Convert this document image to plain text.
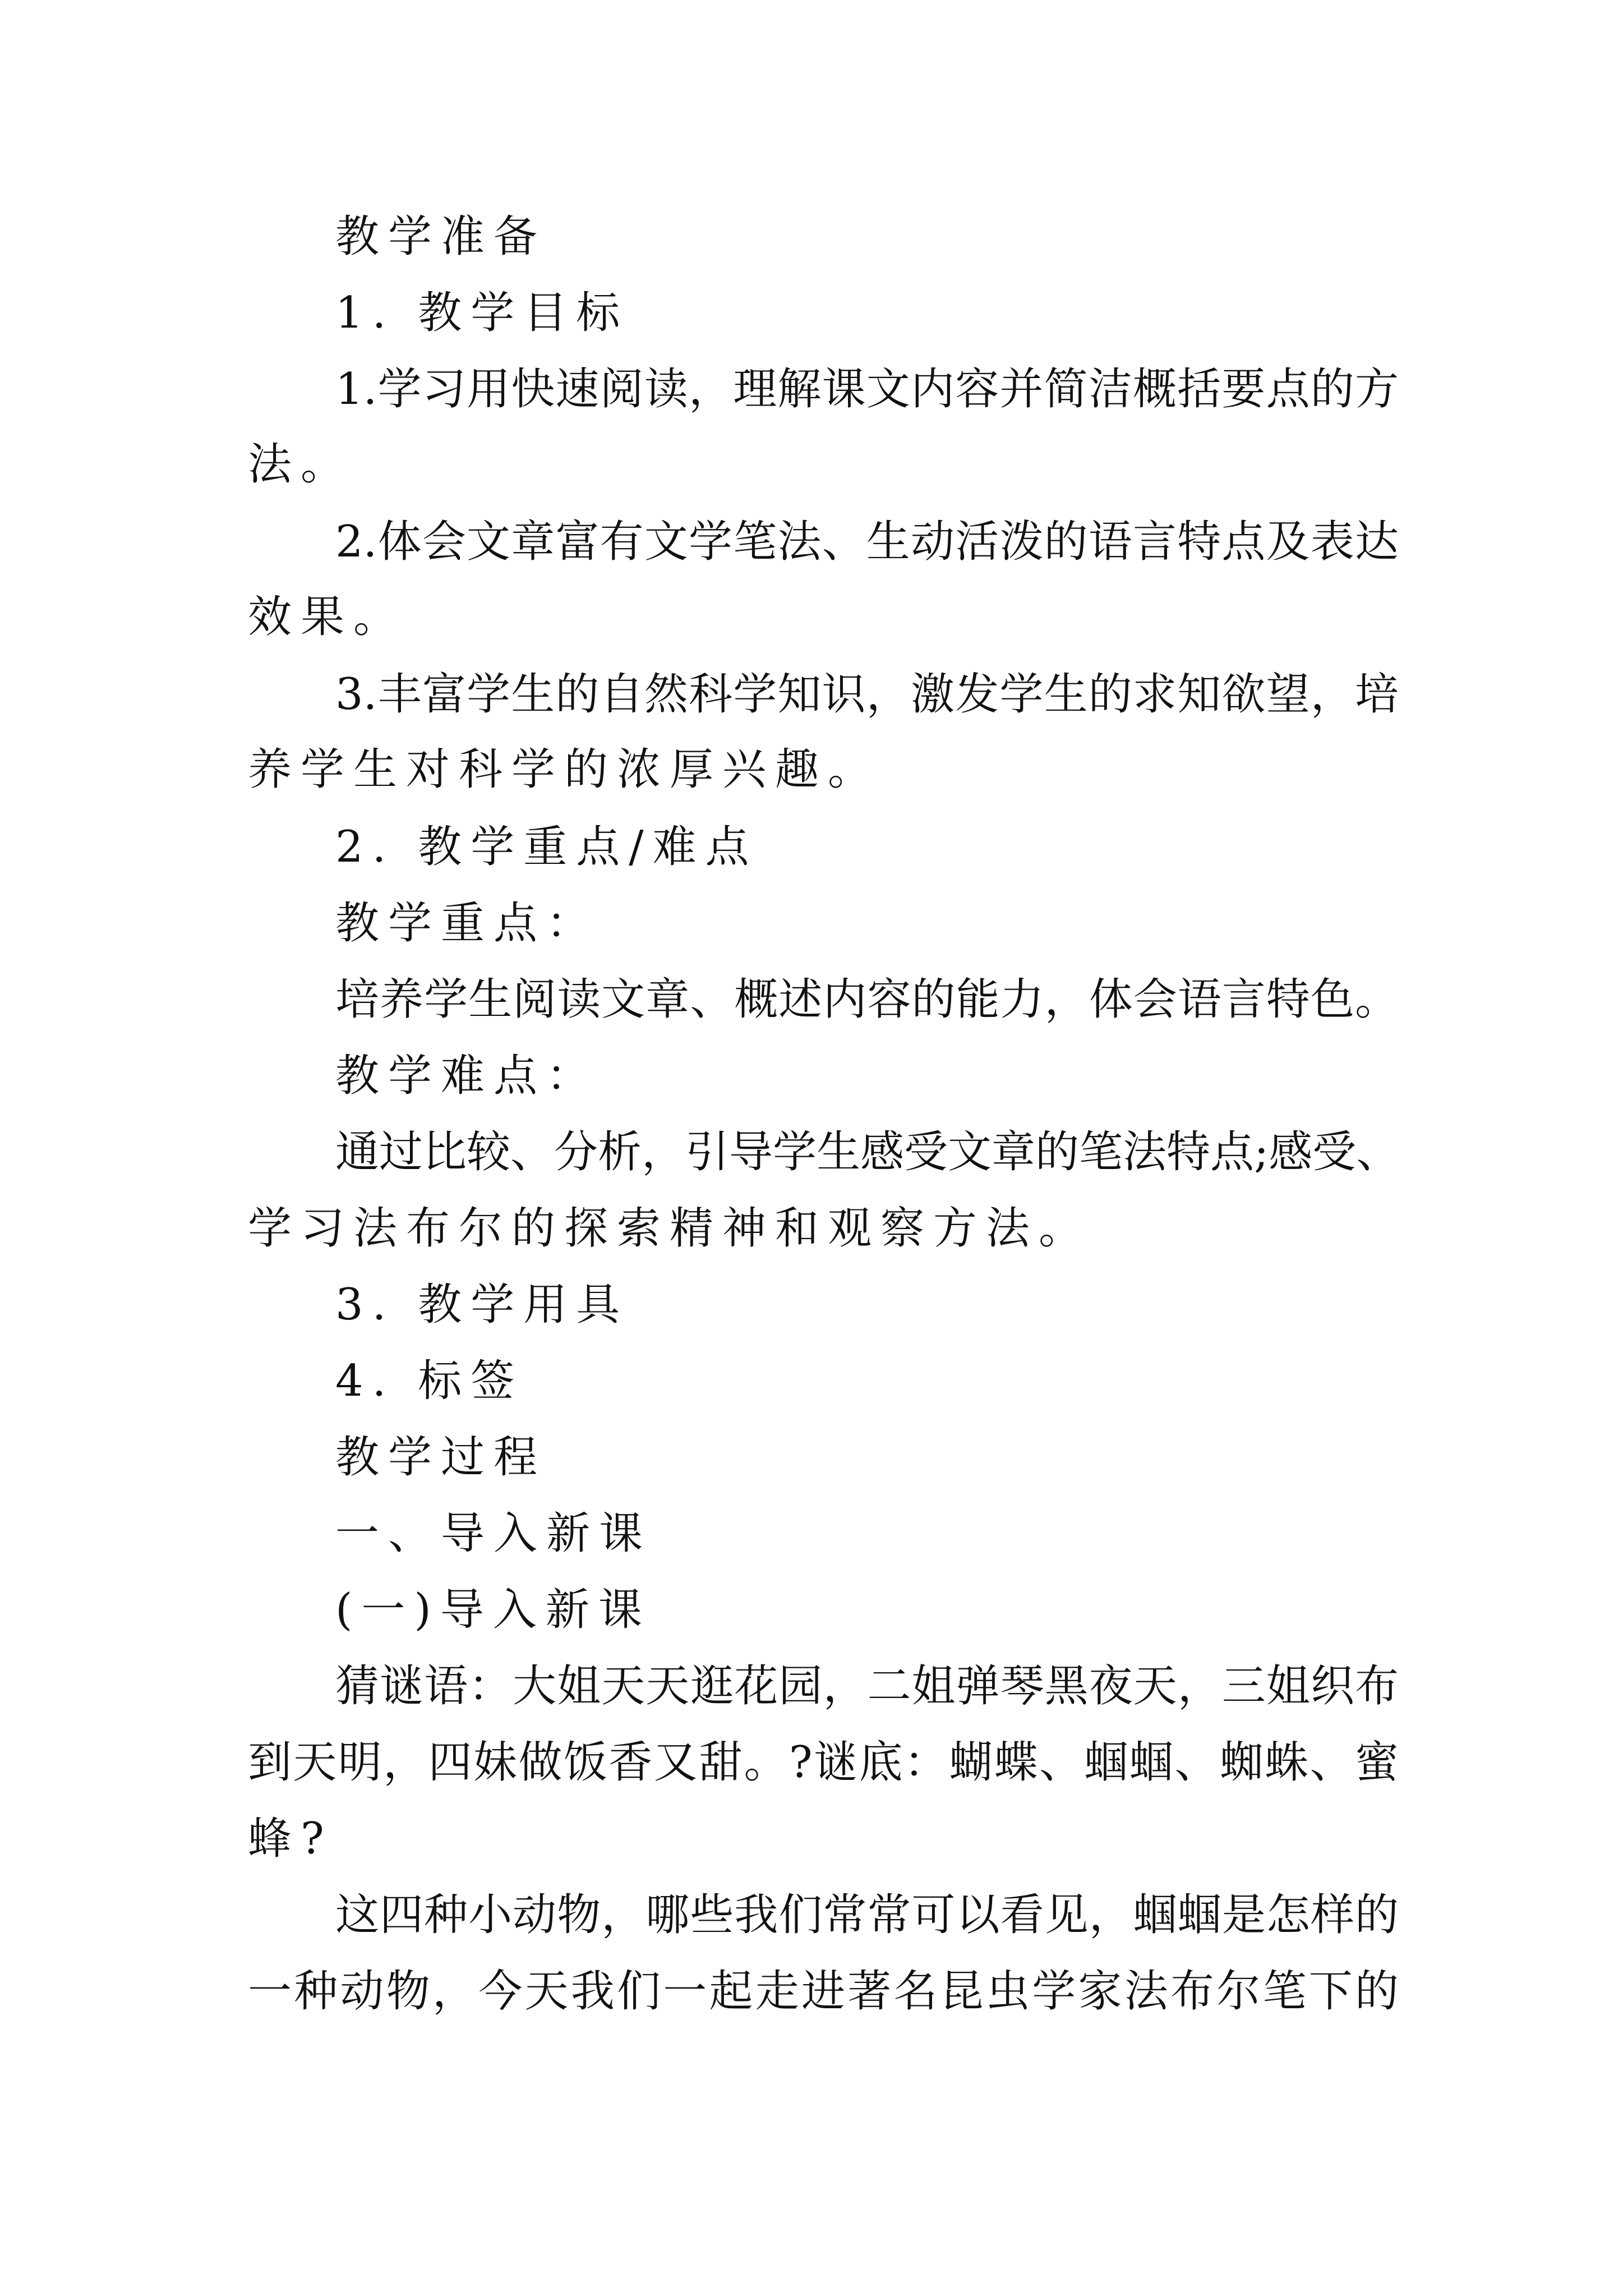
教学准备
1. 教学目标
1.学习用快速阅读，理解课文内容并简洁概括要点的方
法。
2.体会文章富有文学笔法、生动活泼的语言特点及表达
效果。
3.丰富学生的自然科学知识，激发学生的求知欲望，培
养学生对科学的浓厚兴趣。
2. 教学重点/难点
教学重点：
培养学生阅读文章、概述内容的能力，体会语言特色。
教学难点：
通过比较、分析，引导学生感受文章的笔法特点;感受、
学习法布尔的探索精神和观察方法。
3. 教学用具
4. 标签
教学过程
一、导入新课
(一)导入新课
猜谜语：大姐天天逛花园，二姐弹琴黑夜天，三姐织布
到天明，四妹做饭香又甜。?谜底：蝴蝶、蝈蝈、蜘蛛、蜜
蜂?
这四种小动物，哪些我们常常可以看见，蝈蝈是怎样的
一种动物，今天我们一起走进著名昆虫学家法布尔笔下的
